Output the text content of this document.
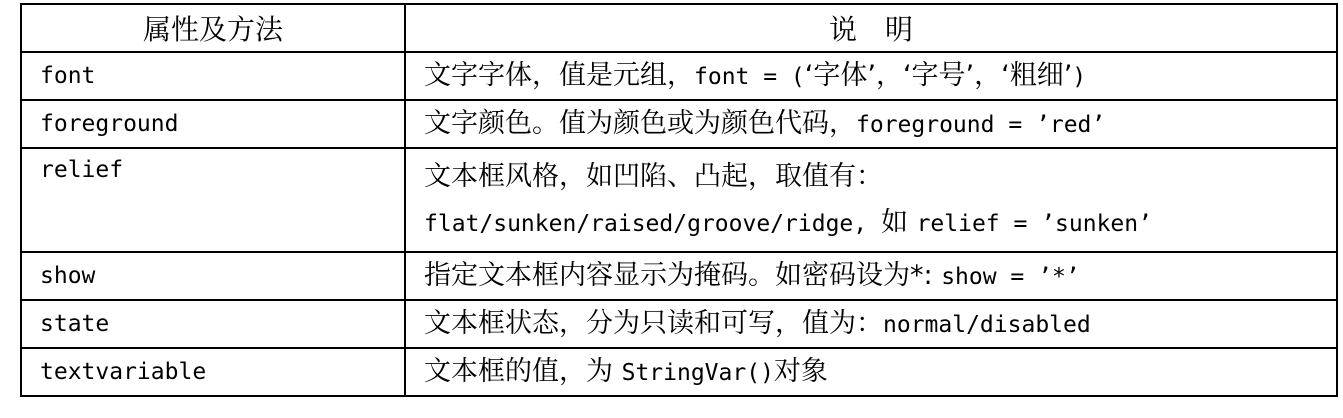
属性及方法	说　明
font	文字字体，值是元组，font = (‘字体’，‘字号’，‘粗细’)

foreground	文字颜色。值为颜色或为颜色代码，foreground = ’red’

relief	文本框风格，如凹陷、凸起，取值有：
flat/sunken/raised/groove/ridge, 如 relief = ’sunken’

show	指定文本框内容显示为掩码。如密码设为*: show = ’*’

state	文本框状态，分为只读和可写，值为：normal/disabled

textvariable	文本框的值，为 StringVar()对象
